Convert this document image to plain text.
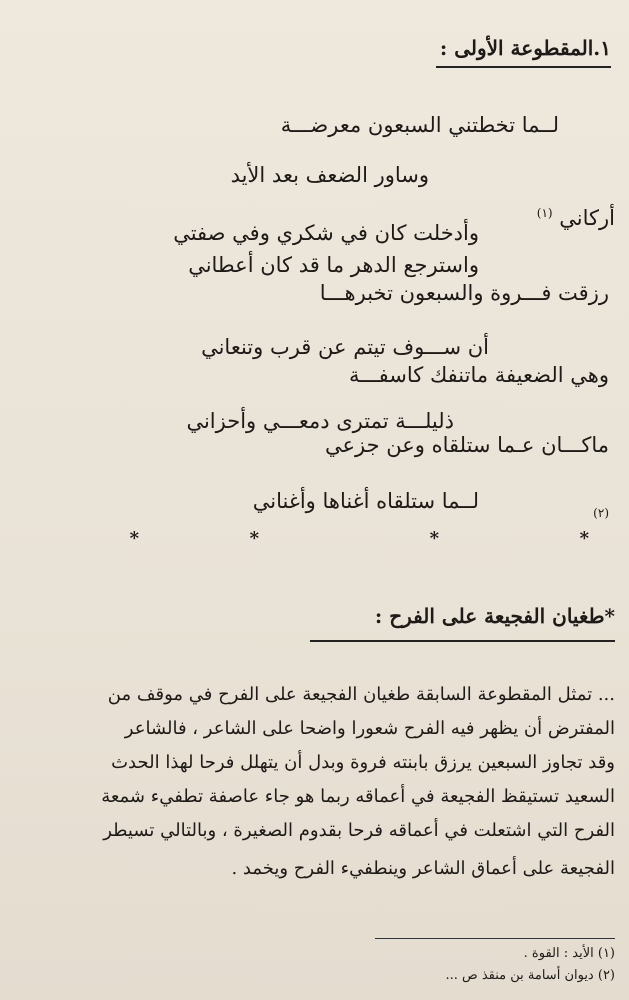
١.المقطوعة الأولى :
لــما تخطتني السبعون معرضـــة
وساور الضعف بعد الأيد
أركاني $^{(١)}$
وأدخلت كان في شكري وفي صفتي
واسترجع الدهر ما قد كان أعطاني
رزقت فـــروة والسبعون تخبرهـــا
أن ســـوف تيتم عن قرب وتنعاني
وهي الضعيفة ماتنفك كاسفـــة
ذليلـــة تمترى دمعـــي وأحزاني
ماكـــان عـما ستلقاه وعن جزعي
لــما ستلقاه أغناها وأغناني	$^{(٢)}$
*
*
*
*
*طغيان الفجيعة على الفرح :
... تمثل المقطوعة السابقة طغيان الفجيعة على الفرح في موقف من
المفترض أن يظهر فيه الفرح شعورا واضحا على الشاعر ، فالشاعر
وقد تجاوز السبعين يرزق بابنته فروة وبدل أن يتهلل فرحا لهذا الحدث
السعيد تستيقظ الفجيعة في أعماقه ربما هو جاء عاصفة تطفيء شمعة
الفرح التي اشتعلت في أعماقه فرحا بقدوم الصغيرة ، وبالتالي تسيطر
الفجيعة على أعماق الشاعر وينطفيء الفرح ويخمد .
(١) الأيد : القوة .
(٢) ديوان أسامة بن منقذ ص ...
